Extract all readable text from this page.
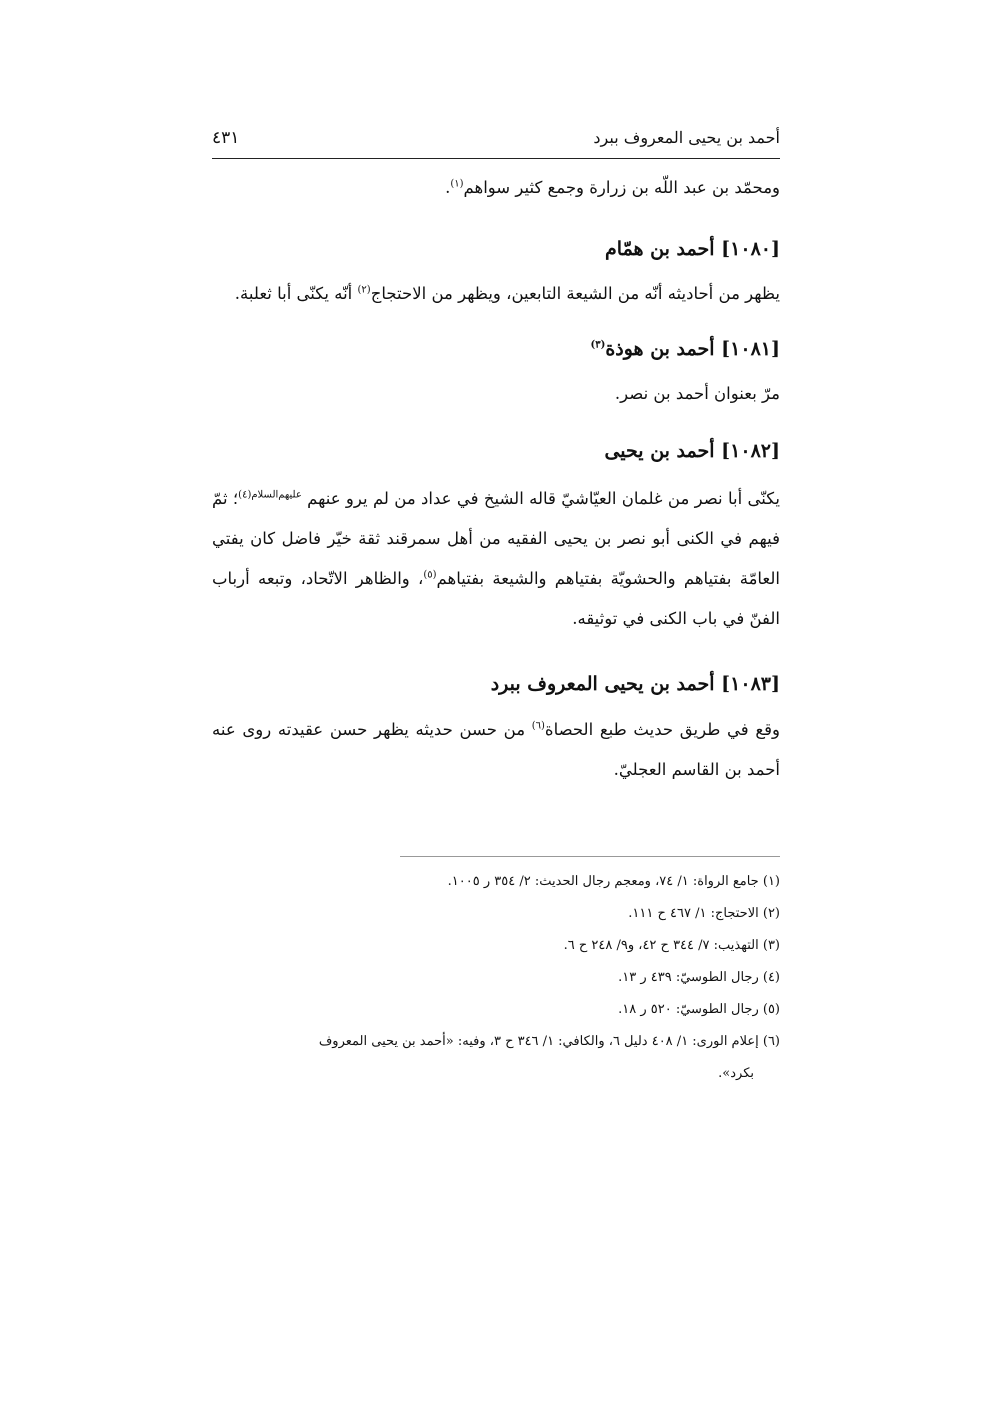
أحمد بن يحيى المعروف ببرد
٤٣١
ومحمّد بن عبد اللّه بن زرارة وجمع كثير سواهم$^{(١)}$.
[١٠٨٠] أحمد بن همّام
يظهر من أحاديثه أنّه من الشيعة التابعين، ويظهر من الاحتجاج$^{(٢)}$ أنّه يكنّى أبا ثعلبة.
[١٠٨١] أحمد بن هوذة$^{(٣)}$
مرّ بعنوان أحمد بن نصر.
[١٠٨٢] أحمد بن يحيى
يكنّى أبا نصر من غلمان العيّاشيّ قاله الشيخ في عداد من لم يرو عنهم $^{عليهم‌السلام(٤)}$؛ ثمّ فيهم في الكنى أبو نصر بن يحيى الفقيه من أهل سمرقند ثقة خيّر فاضل كان يفتي العامّة بفتياهم والحشويّة بفتياهم والشيعة بفتياهم$^{(٥)}$، والظاهر الاتّحاد، وتبعه أرباب الفنّ في باب الكنى في توثيقه.
[١٠٨٣] أحمد بن يحيى المعروف ببرد
وقع في طريق حديث طبع الحصاة$^{(٦)}$ من حسن حديثه يظهر حسن عقيدته روى عنه أحمد بن القاسم العجليّ.
(١) جامع الرواة: ١/ ٧٤، ومعجم رجال الحديث: ٢/ ٣٥٤ ر ١٠٠٥.
(٢) الاحتجاج: ١/ ٤٦٧ ح ١١١.
(٣) التهذيب: ٧/ ٣٤٤ ح ٤٢، و٩/ ٢٤٨ ح ٦.
(٤) رجال الطوسيّ: ٤٣٩ ر ١٣.
(٥) رجال الطوسيّ: ٥٢٠ ر ١٨.
(٦) إعلام الورى: ١/ ٤٠٨ دليل ٦، والكافي: ١/ ٣٤٦ ح ٣، وفيه: «أحمد بن يحيى المعروف
بكرد».
